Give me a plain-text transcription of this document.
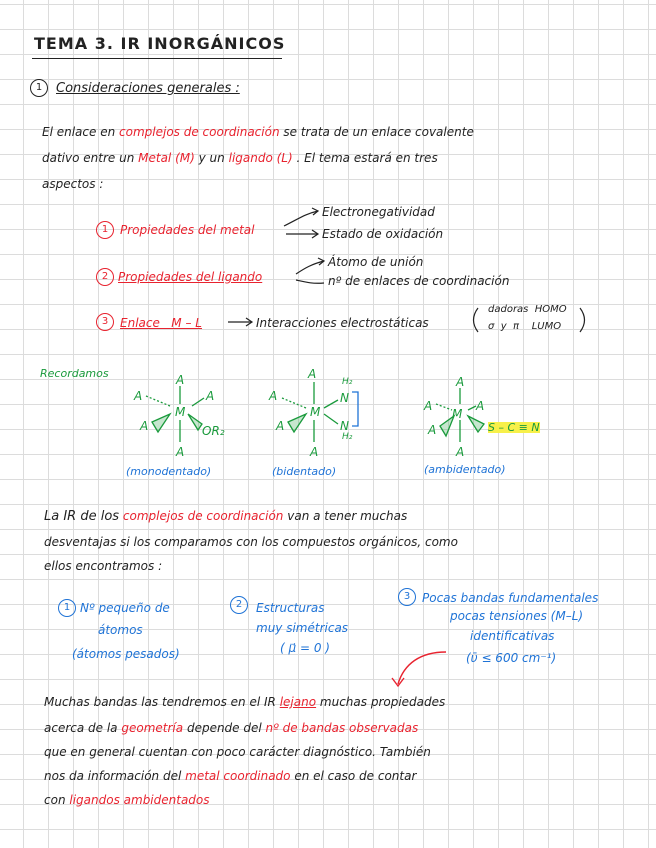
TEMA 3. IR INORGÁNICOS
1	Consideraciones generales :
El enlace en complejos de coordinación se trata de un enlace covalente
dativo entre un Metal (M) y un ligando (L) . El tema estará en tres
aspectos :
1 Propiedades del metal
Electronegatividad
Estado de oxidación
2 Propiedades del ligando
Átomo de unión
nº de enlaces de coordinación
3 Enlace   M – L	Interacciones electrostáticas
dadoras  HOMO
σ  y  π    LUMO
Recordamos	A
A	A
M
A	OR₂
A
(monodentado)
A
A
H₂
N
M
N
H₂
A
A
(bidentado)
A
A	A
M
A	S – C ≡ N
A
(ambidentado)
La IR de los complejos de coordinación van a tener muchas
desventajas si los comparamos con los compuestos orgánicos, como
ellos encontramos :
1 Nº pequeño de
átomos
(átomos pesados)
2	Estructuras
muy simétricas
( μ⃗ = 0 )
3 Pocas bandas fundamentales
pocas tensiones (M–L)
identificativas
(ῡ ≤ 600 cm⁻¹)
Muchas bandas las tendremos en el IR lejano muchas propiedades
acerca de la geometría depende del nº de bandas observadas
que en general cuentan con poco carácter diagnóstico. También
nos da información del metal coordinado en el caso de contar
con ligandos ambidentados
